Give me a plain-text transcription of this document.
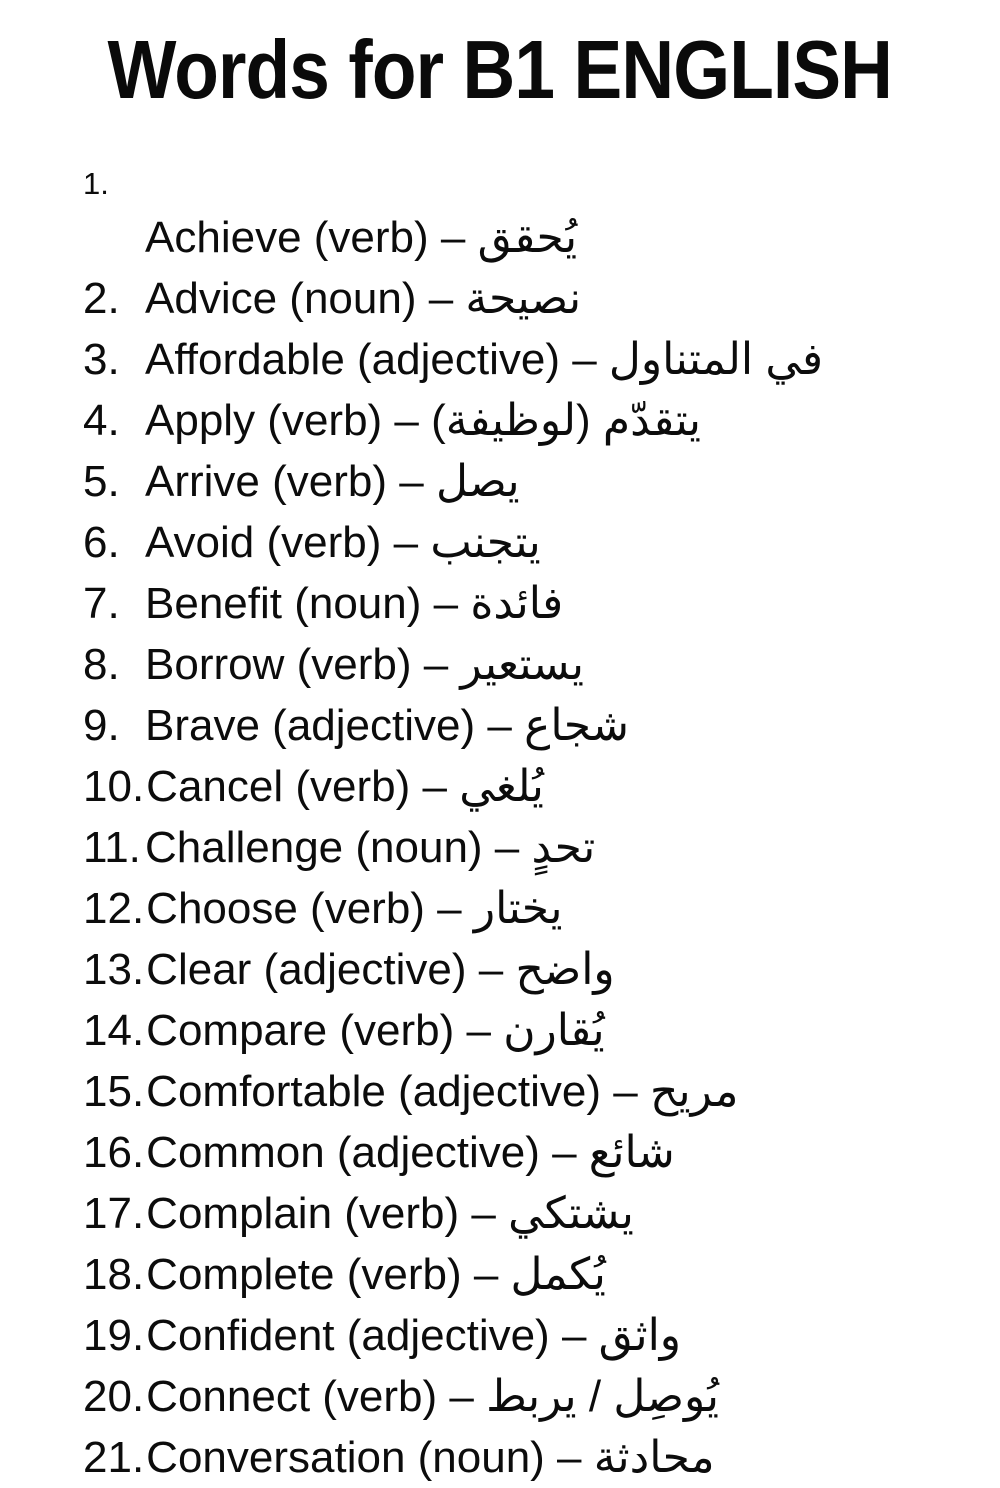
Words for B1 ENGLISH
1.
Achieve (verb) – يُحقق
2. Advice (noun) – نصيحة
3. Affordable (adjective) – في المتناول
4. Apply (verb) – يتقدّم (لوظيفة)
5. Arrive (verb) – يصل
6. Avoid (verb) – يتجنب
7. Benefit (noun) – فائدة
8. Borrow (verb) – يستعير
9. Brave (adjective) – شجاع
10. Cancel (verb) – يُلغي
11. Challenge (noun) – تحدٍ
12. Choose (verb) – يختار
13. Clear (adjective) – واضح
14. Compare (verb) – يُقارن
15. Comfortable (adjective) – مريح
16. Common (adjective) – شائع
17. Complain (verb) – يشتكي
18. Complete (verb) – يُكمل
19. Confident (adjective) – واثق
20. Connect (verb) – يُوصِل / يربط
21. Conversation (noun) – محادثة
